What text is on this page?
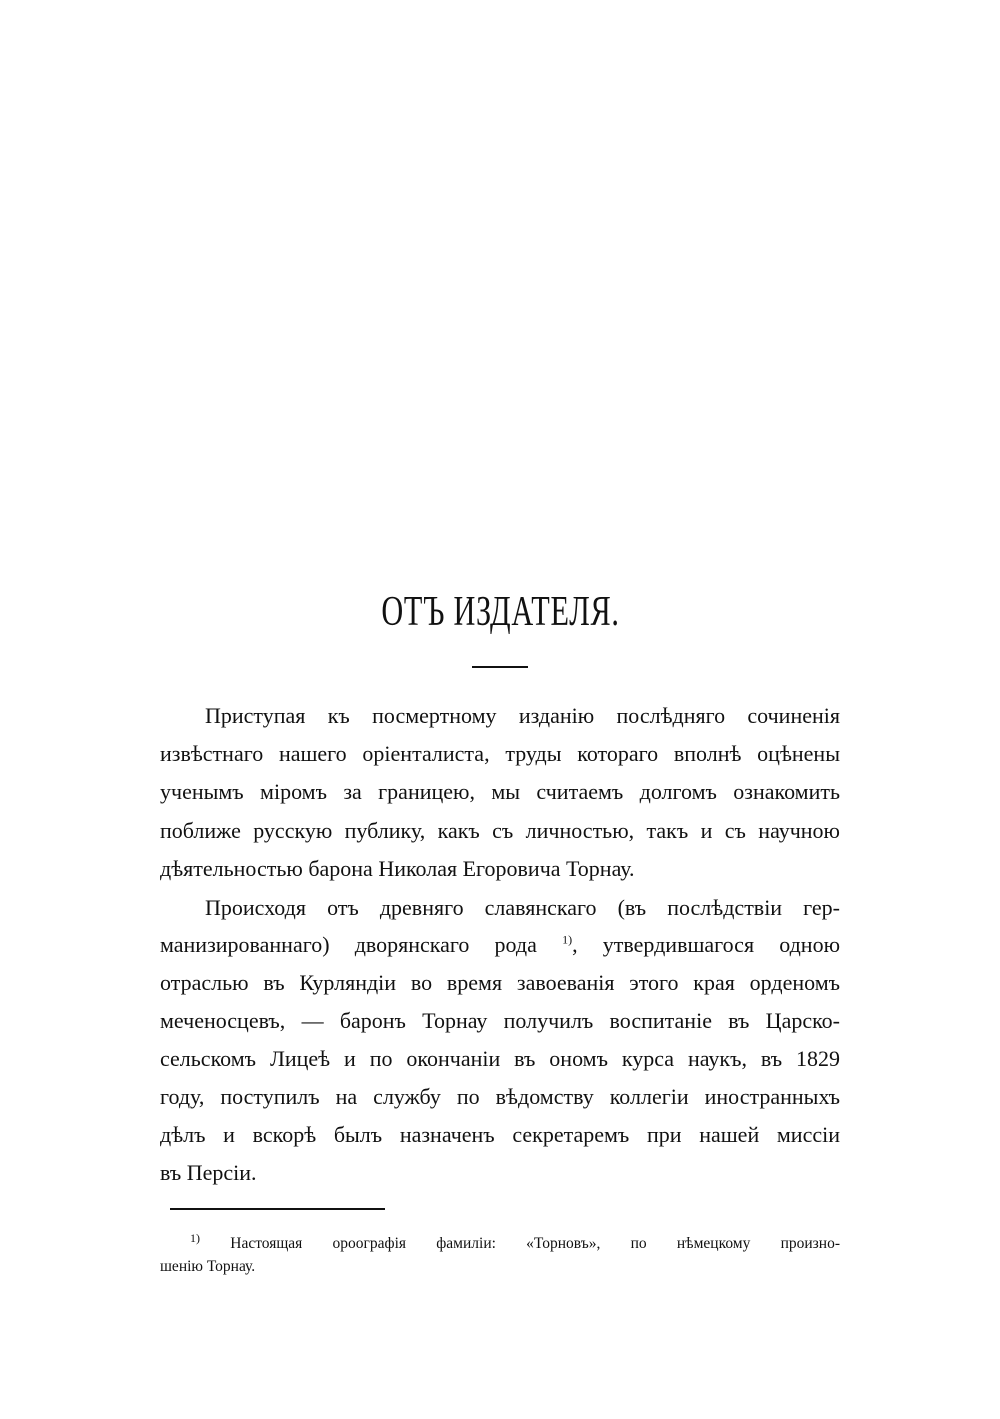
ОТЪ ИЗДАТЕЛЯ.
Приступая къ посмертному изданію послѣдняго сочиненія
извѣстнаго нашего оріенталиста, труды котораго вполнѣ оцѣнены
ученымъ міромъ за границею, мы считаемъ долгомъ ознакомить
поближе русскую публику, какъ съ личностью, такъ и съ научною
дѣятельностью барона Николая Егоровича Торнау.
Происходя отъ древняго славянскаго (въ послѣдствіи гер-
манизированнаго) дворянскаго рода $^{1)}$, утвердившагося одною
отраслью въ Курляндіи во время завоеванія этого края орденомъ
меченосцевъ, — баронъ Торнау получилъ воспитаніе въ Царско-
сельскомъ Лицеѣ и по окончаніи въ ономъ курса наукъ, въ 1829
году, поступилъ на службу по вѣдомству коллегіи иностранныхъ
дѣлъ и вскорѣ былъ назначенъ секретаремъ при нашей миссіи
въ Персіи.
$^{1)}$ Настоящая ороографія фамиліи: «Торновъ», по нѣмецкому произно-
шенію Торнау.
